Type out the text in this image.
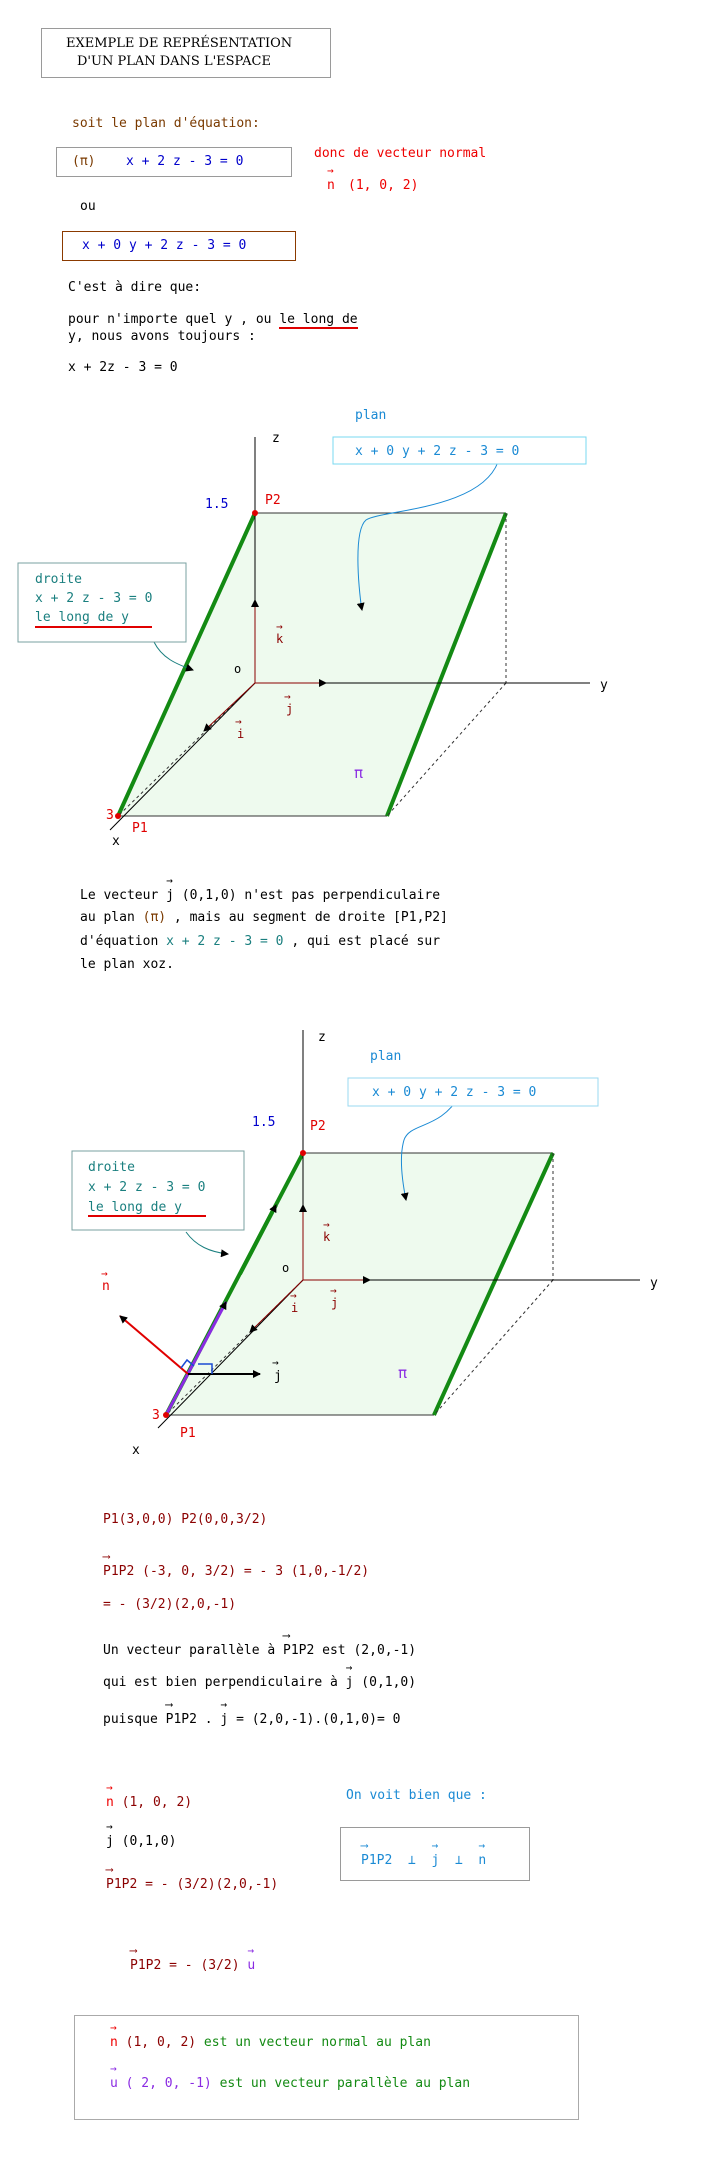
EXEMPLE DE REPRÉSENTATION
D'UN PLAN DANS L'ESPACE
soit le plan d'équation:
(π) x + 2 z - 3 = 0
donc de vecteur normal
→
n (1, 0, 2)
ou
x + 0 y + 2 z - 3 = 0
C'est à dire que:
pour n'importe quel y , ou le long de
y, nous avons toujours :
x + 2z - 3 = 0
z
y
x
o
→
k
→
j
→
i
1.5
3
P2
P1
π
plan
x + 0 y + 2 z - 3 = 0
droite
x + 2 z - 3 = 0
le long de y
Le vecteur
→
j (0,1,0) n'est pas perpendiculaire
au plan (π) , mais au segment de droite [P1,P2]
d'équation x + 2 z - 3 = 0 , qui est placé sur
le plan xoz.
z
y
x
o
→
k
→
j
→
i
→
j
→
n
1.5
3
P2
P1
π
plan
x + 0 y + 2 z - 3 = 0
droite
x + 2 z - 3 = 0
le long de y
P1(3,0,0) P2(0,0,3/2)
⟶
P1P2 (-3, 0, 3/2) = - 3 (1,0,-1/2)
= - (3/2)(2,0,-1)
Un vecteur parallèle à
⟶
P1P2 est (2,0,-1)
qui est bien perpendiculaire à
→
j (0,1,0)
puisque
⟶
P1P2 .
→
j = (2,0,-1).(0,1,0)= 0
→
n (1, 0, 2)
→
j (0,1,0)
⟶
P1P2 = - (3/2)(2,0,-1)
On voit bien que :
⟶
P1P2 ⊥
→
j ⊥
→
n
⟶
P1P2 = - (3/2)
→
u
→
n (1, 0, 2) est un vecteur normal au plan
→
u ( 2, 0, -1) est un vecteur parallèle au plan
